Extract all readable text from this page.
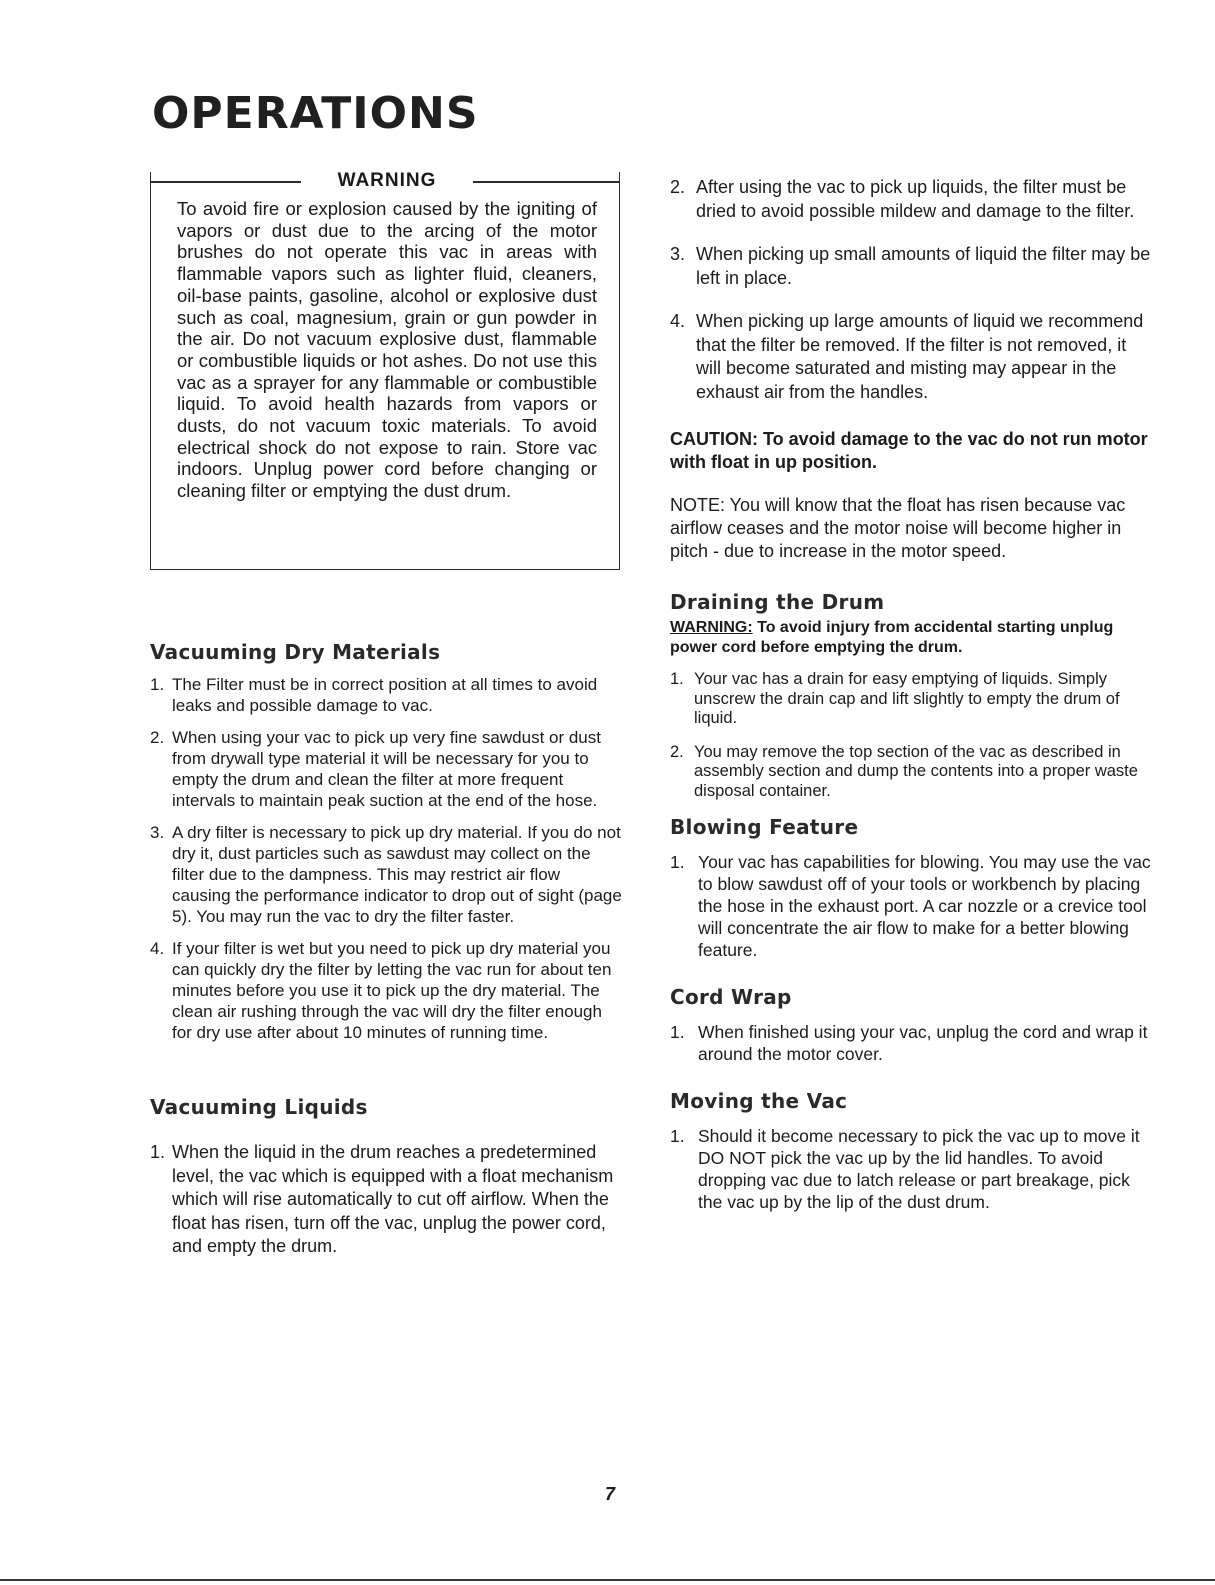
OPERATIONS
WARNING

To avoid fire or explosion caused by the igniting of vapors or dust due to the arcing of the motor brushes do not operate this vac in areas with flammable vapors such as lighter fluid, cleaners, oil-base paints, gasoline, alcohol or explosive dust such as coal, magnesium, grain or gun powder in the air. Do not vacuum explosive dust, flammable or combustible liquids or hot ashes. Do not use this vac as a sprayer for any flammable or combustible liquid. To avoid health hazards from vapors or dusts, do not vacuum toxic materials. To avoid electrical shock do not expose to rain. Store vac indoors. Unplug power cord before changing or cleaning filter or emptying the dust drum.

Vacuuming Dry Materials
1. The Filter must be in correct position at all times to avoid leaks and possible damage to vac.
2. When using your vac to pick up very fine sawdust or dust from drywall type material it will be necessary for you to empty the drum and clean the filter at more frequent intervals to maintain peak suction at the end of the hose.
3. A dry filter is necessary to pick up dry material. If you do not dry it, dust particles such as sawdust may collect on the filter due to the dampness. This may restrict air flow causing the performance indicator to drop out of sight (page 5). You may run the vac to dry the filter faster.
4. If your filter is wet but you need to pick up dry material you can quickly dry the filter by letting the vac run for about ten minutes before you use it to pick up the dry material. The clean air rushing through the vac will dry the filter enough for dry use after about 10 minutes of running time.
Vacuuming Liquids
1. When the liquid in the drum reaches a predetermined level, the vac which is equipped with a float mechanism which will rise automatically to cut off airflow. When the float has risen, turn off the vac, unplug the power cord, and empty the drum.
2. After using the vac to pick up liquids, the filter must be dried to avoid possible mildew and damage to the filter.
3. When picking up small amounts of liquid the filter may be left in place.
4. When picking up large amounts of liquid we recommend that the filter be removed. If the filter is not removed, it will become saturated and misting may appear in the exhaust air from the handles.

CAUTION: To avoid damage to the vac do not run motor with float in up position.

NOTE: You will know that the float has risen because vac airflow ceases and the motor noise will become higher in pitch - due to increase in the motor speed.

Draining the Drum

WARNING: To avoid injury from accidental starting unplug power cord before emptying the drum.

1. Your vac has a drain for easy emptying of liquids. Simply unscrew the drain cap and lift slightly to empty the drum of liquid.
2. You may remove the top section of the vac as described in assembly section and dump the contents into a proper waste disposal container.
Blowing Feature
1. Your vac has capabilities for blowing. You may use the vac to blow sawdust off of your tools or workbench by placing the hose in the exhaust port. A car nozzle or a crevice tool will concentrate the air flow to make for a better blowing feature.
Cord Wrap
1. When finished using your vac, unplug the cord and wrap it around the motor cover.
Moving the Vac
1. Should it become necessary to pick the vac up to move it DO NOT pick the vac up by the lid handles. To avoid dropping vac due to latch release or part breakage, pick the vac up by the lip of the dust drum.
7
